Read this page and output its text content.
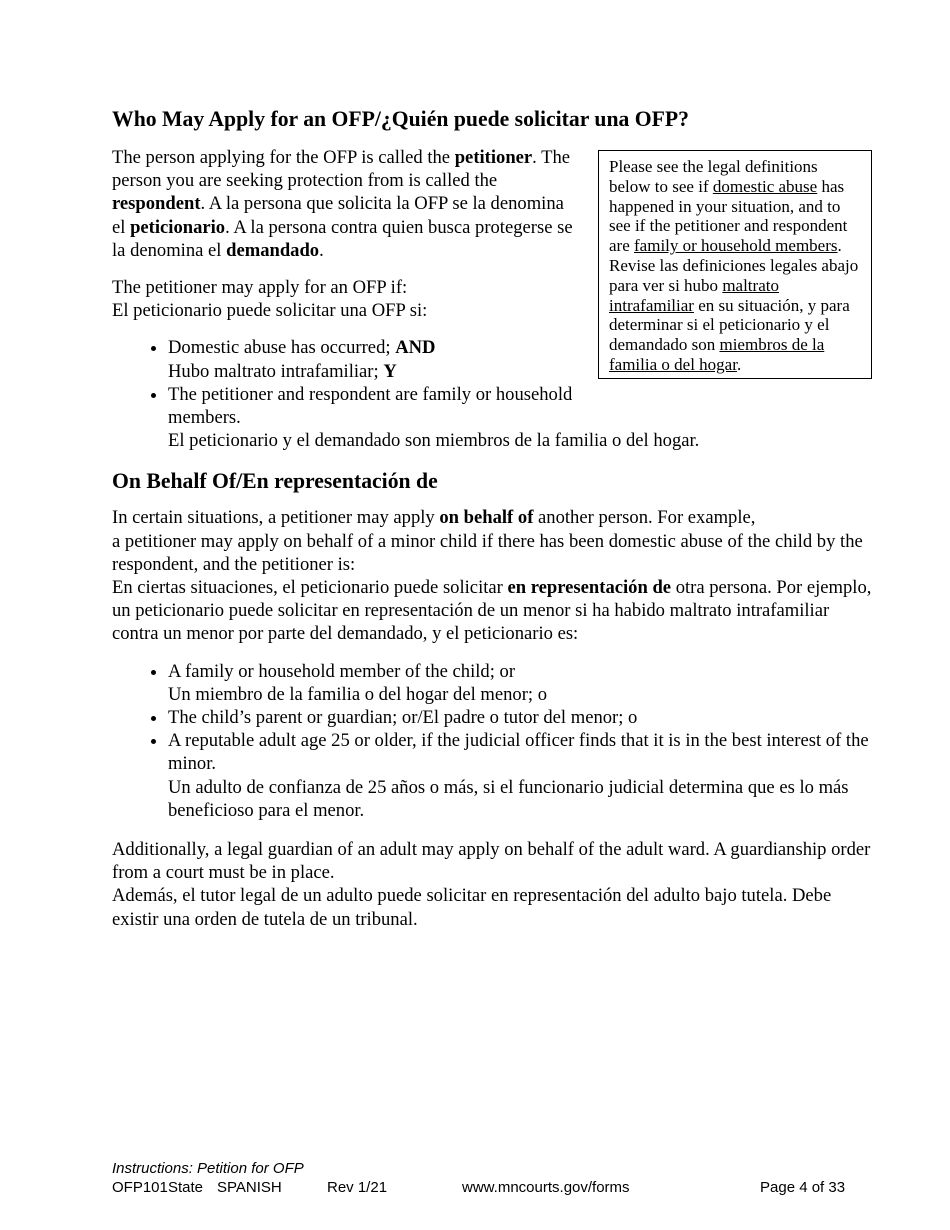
Who May Apply for an OFP/¿Quién puede solicitar una OFP?

Please see the legal definitions below to see if domestic abuse has happened in your situation, and to see if the petitioner and respondent are family or household members. Revise las definiciones legales abajo para ver si hubo maltrato intrafamiliar en su situación, y para determinar si el peticionario y el demandado son miembros de la familia o del hogar.

The person applying for the OFP is called the petitioner. The person you are seeking protection from is called the respondent. A la persona que solicita la OFP se la denomina el peticionario. A la persona contra quien busca protegerse se la denomina el demandado.

The petitioner may apply for an OFP if:
El peticionario puede solicitar una OFP si:

• Domestic abuse has occurred; AND
Hubo maltrato intrafamiliar; Y
• The petitioner and respondent are family or household members.
El peticionario y el demandado son miembros de la familia o del hogar.
On Behalf Of/En representación de

In certain situations, a petitioner may apply on behalf of another person. For example,
a petitioner may apply on behalf of a minor child if there has been domestic abuse of the child by the respondent, and the petitioner is:
En ciertas situaciones, el peticionario puede solicitar en representación de otra persona. Por ejemplo, un peticionario puede solicitar en representación de un menor si ha habido maltrato intrafamiliar contra un menor por parte del demandado, y el peticionario es:

• A family or household member of the child; or
Un miembro de la familia o del hogar del menor; o
• The child’s parent or guardian; or/El padre o tutor del menor; o
• A reputable adult age 25 or older, if the judicial officer finds that it is in the best interest of the minor.
Un adulto de confianza de 25 años o más, si el funcionario judicial determina que es lo más beneficioso para el menor.

Additionally, a legal guardian of an adult may apply on behalf of the adult ward. A guardianship order from a court must be in place.
Además, el tutor legal de un adulto puede solicitar en representación del adulto bajo tutela. Debe existir una orden de tutela de un tribunal.

Instructions: Petition for OFP
OFP101 State SPANISH	Rev 1/21	www.mncourts.gov/forms	Page 4 of 33
